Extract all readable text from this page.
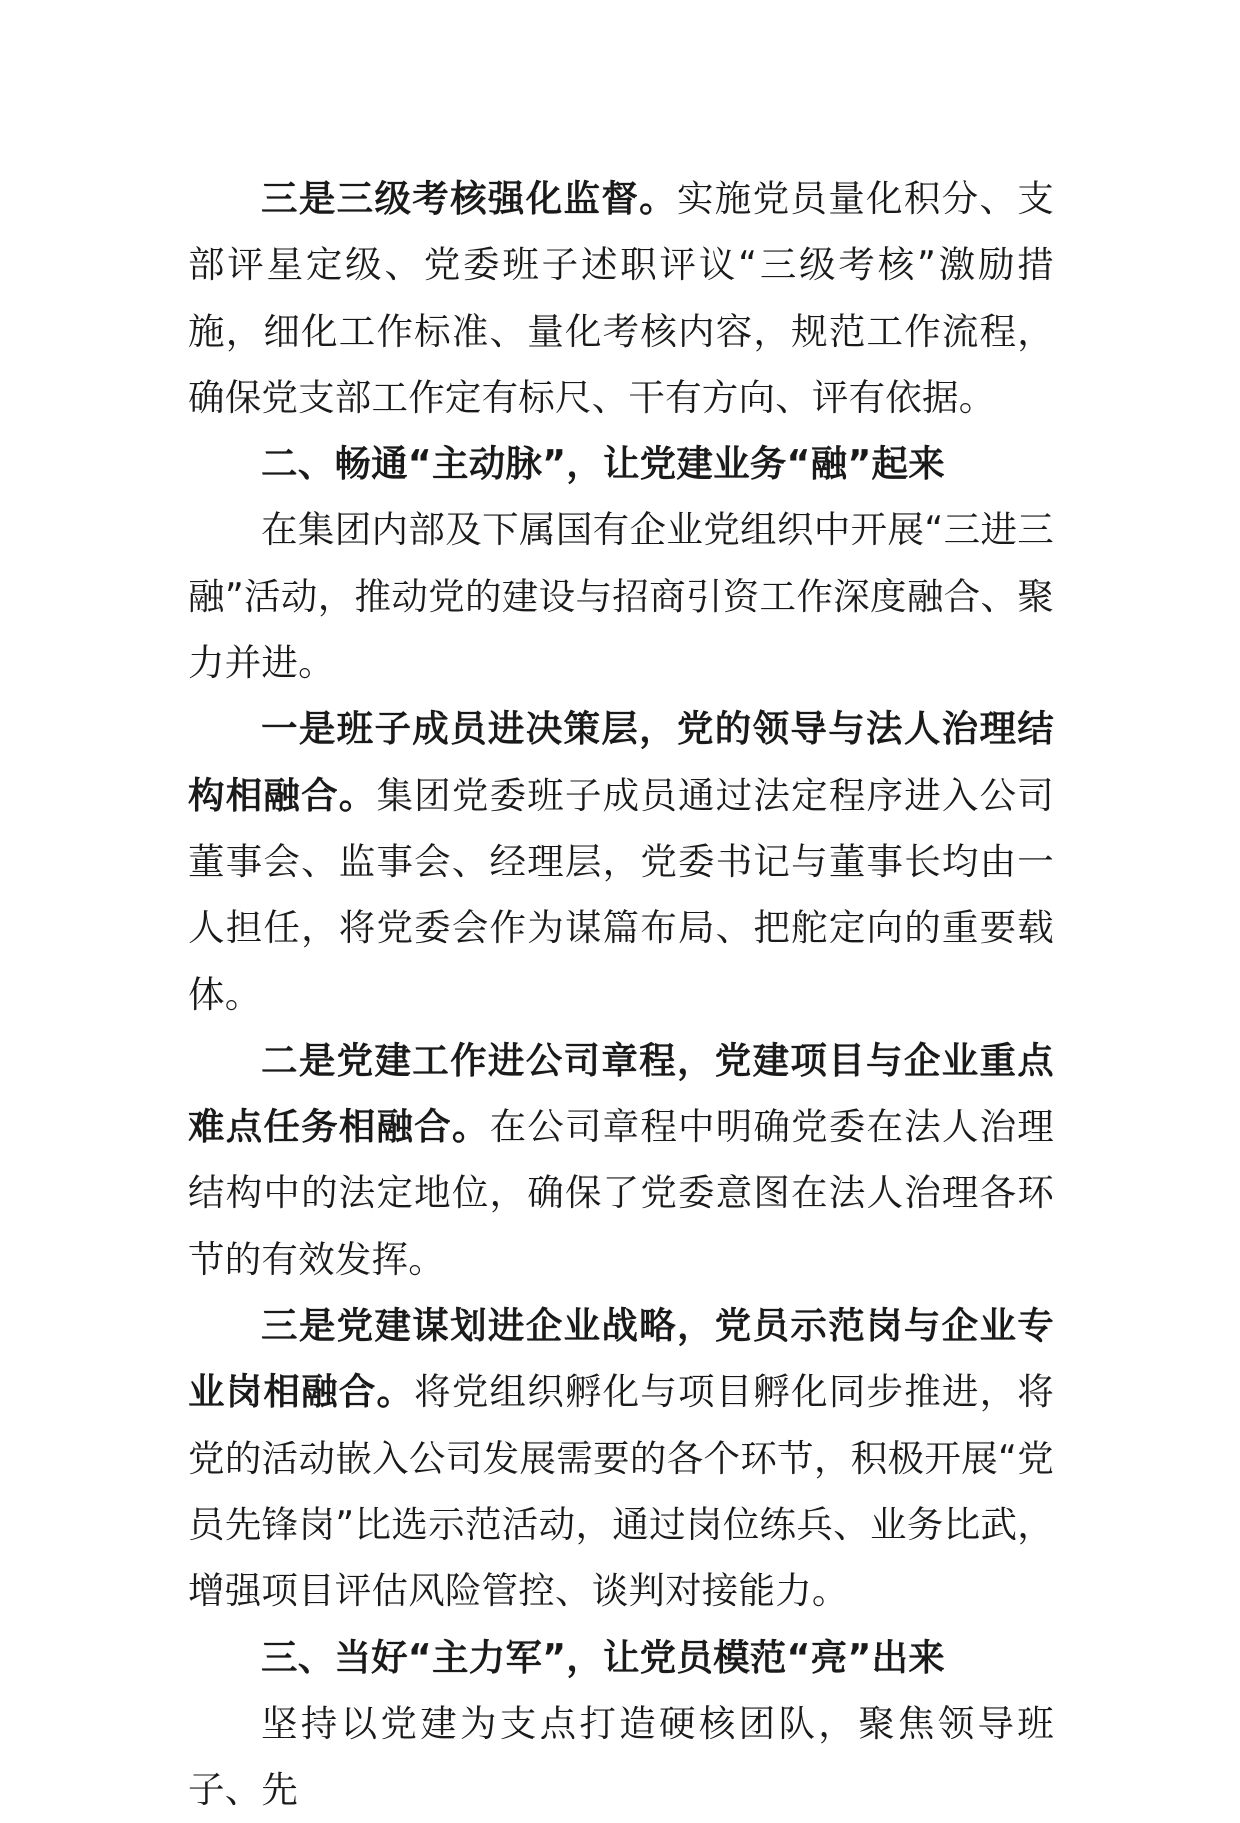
三是三级考核强化监督。实施党员量化积分、支部评星定级、党委班子述职评议“三级考核”激励措施，细化工作标准、量化考核内容，规范工作流程，确保党支部工作定有标尺、干有方向、评有依据。

二、畅通“主动脉”，让党建业务“融”起来

在集团内部及下属国有企业党组织中开展“三进三融”活动，推动党的建设与招商引资工作深度融合、聚力并进。

一是班子成员进决策层，党的领导与法人治理结构相融合。集团党委班子成员通过法定程序进入公司董事会、监事会、经理层，党委书记与董事长均由一人担任，将党委会作为谋篇布局、把舵定向的重要载体。

二是党建工作进公司章程，党建项目与企业重点难点任务相融合。在公司章程中明确党委在法人治理结构中的法定地位，确保了党委意图在法人治理各环节的有效发挥。

三是党建谋划进企业战略，党员示范岗与企业专业岗相融合。将党组织孵化与项目孵化同步推进，将党的活动嵌入公司发展需要的各个环节，积极开展“党员先锋岗”比选示范活动，通过岗位练兵、业务比武，增强项目评估风险管控、谈判对接能力。

三、当好“主力军”，让党员模范“亮”出来

坚持以党建为支点打造硬核团队，聚焦领导班子、先
